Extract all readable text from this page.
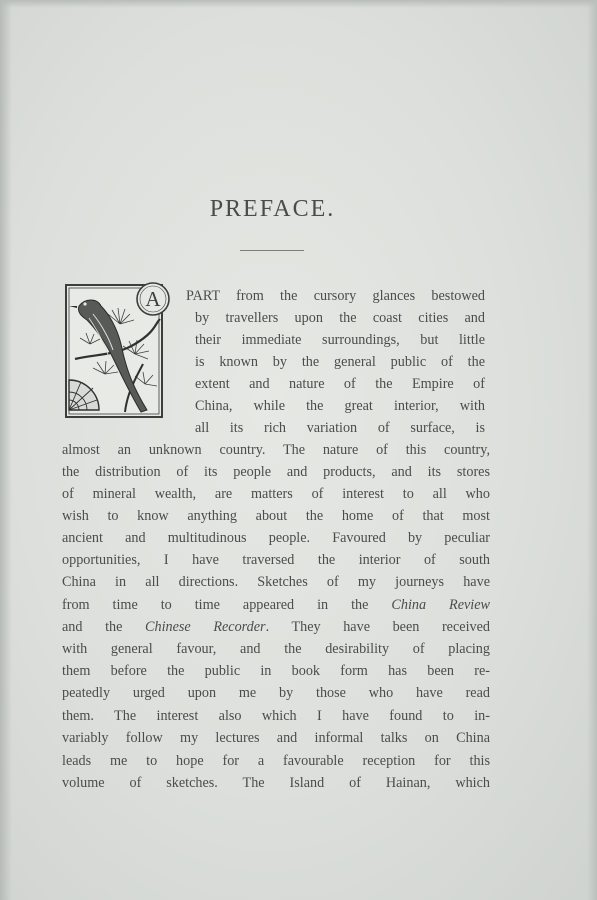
PREFACE.
A PART from the cursory glances bestowed
by travellers upon the coast cities and
their immediate surroundings, but little
is known by the general public of the
extent and nature of the Empire of
China, while the great interior, with
all its rich variation of surface, is
almost an unknown country. The nature of this country,
the distribution of its people and products, and its stores
of mineral wealth, are matters of interest to all who
wish to know anything about the home of that most
ancient and multitudinous people. Favoured by peculiar
opportunities, I have traversed the interior of south
China in all directions. Sketches of my journeys have
from time to time appeared in the China Review
and the Chinese Recorder. They have been received
with general favour, and the desirability of placing
them before the public in book form has been re-
peatedly urged upon me by those who have read
them. The interest also which I have found to in-
variably follow my lectures and informal talks on China
leads me to hope for a favourable reception for this
volume of sketches. The Island of Hainan, which
